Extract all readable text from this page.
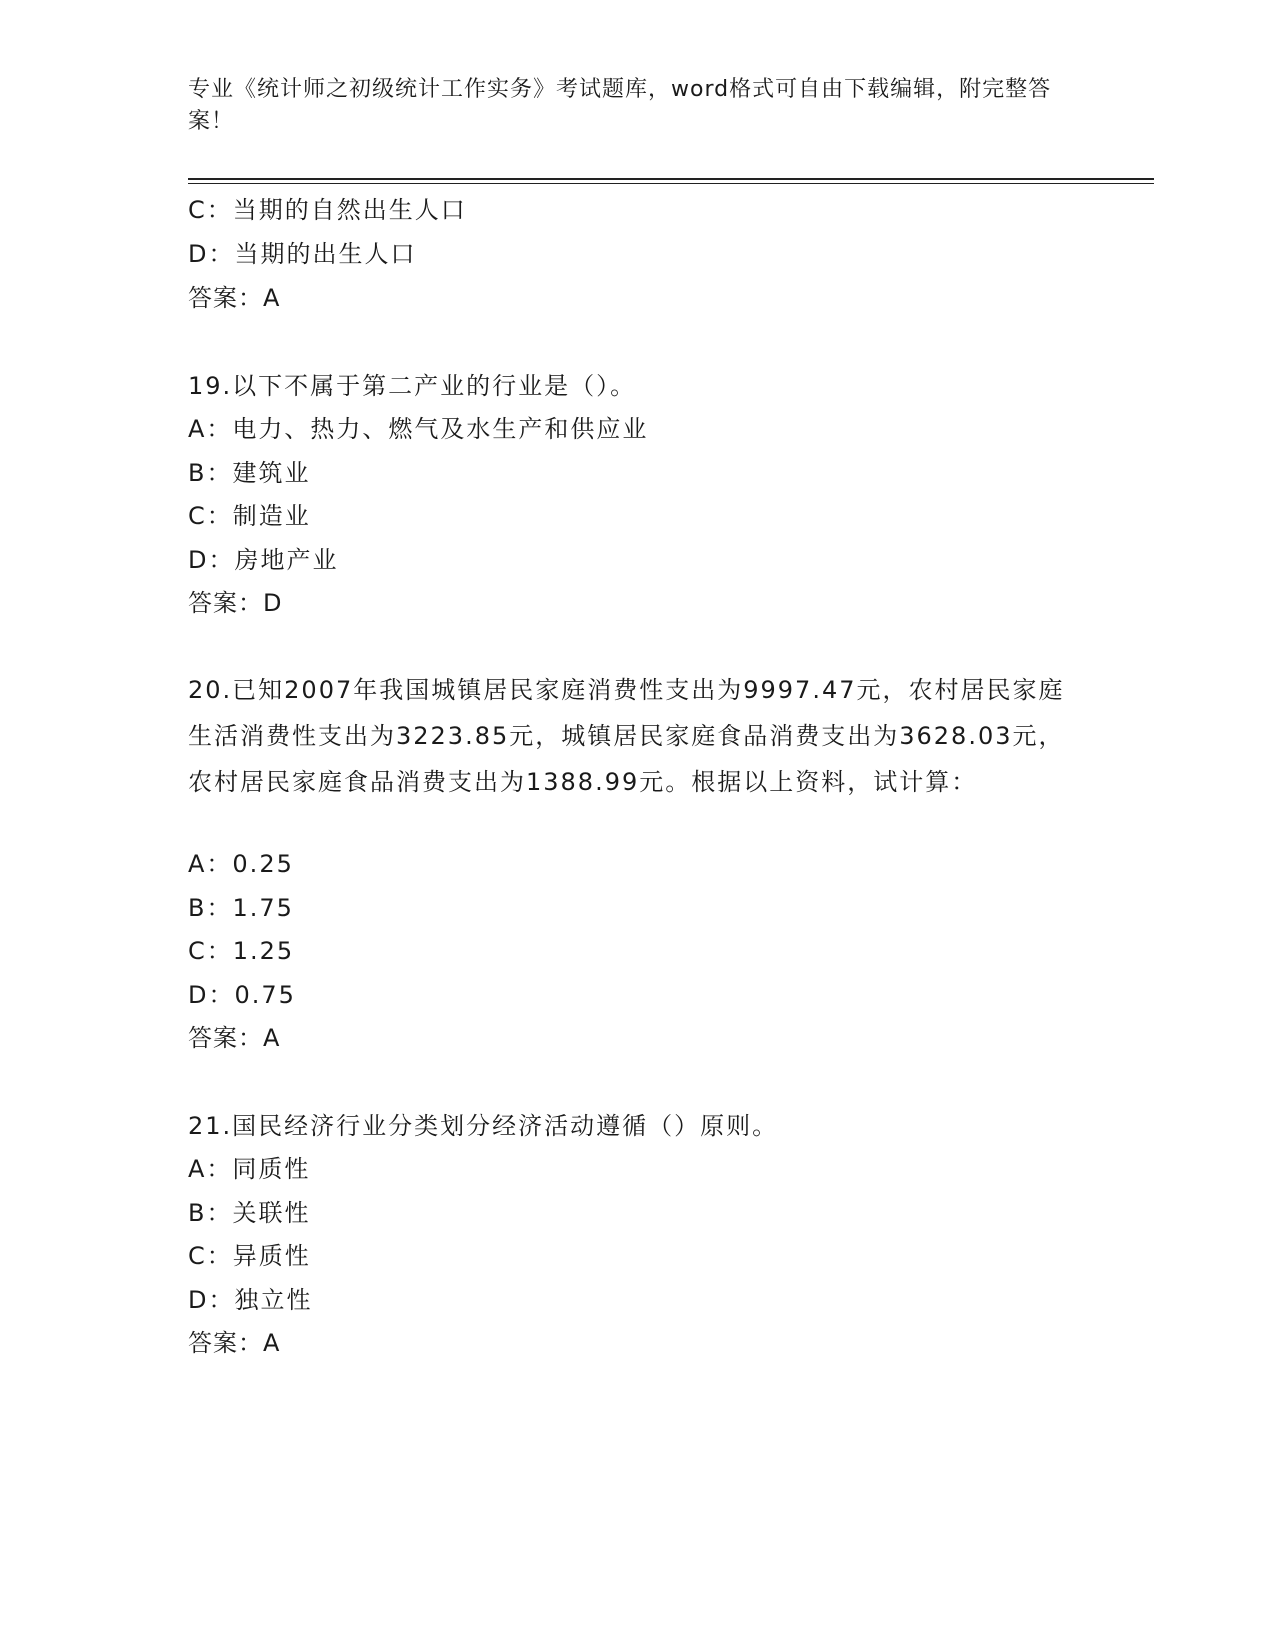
专业《统计师之初级统计工作实务》考试题库，word格式可自由下载编辑，附完整答案！
C：当期的自然出生人口
D：当期的出生人口
答案：A
19.以下不属于第二产业的行业是（）。
A：电力、热力、燃气及水生产和供应业
B：建筑业
C：制造业
D：房地产业
答案：D
20.已知2007年我国城镇居民家庭消费性支出为9997.47元，农村居民家庭生活消费性支出为3223.85元，城镇居民家庭食品消费支出为3628.03元，农村居民家庭食品消费支出为1388.99元。根据以上资料，试计算：
A：0.25
B：1.75
C：1.25
D：0.75
答案：A
21.国民经济行业分类划分经济活动遵循（）原则。
A：同质性
B：关联性
C：异质性
D：独立性
答案：A
